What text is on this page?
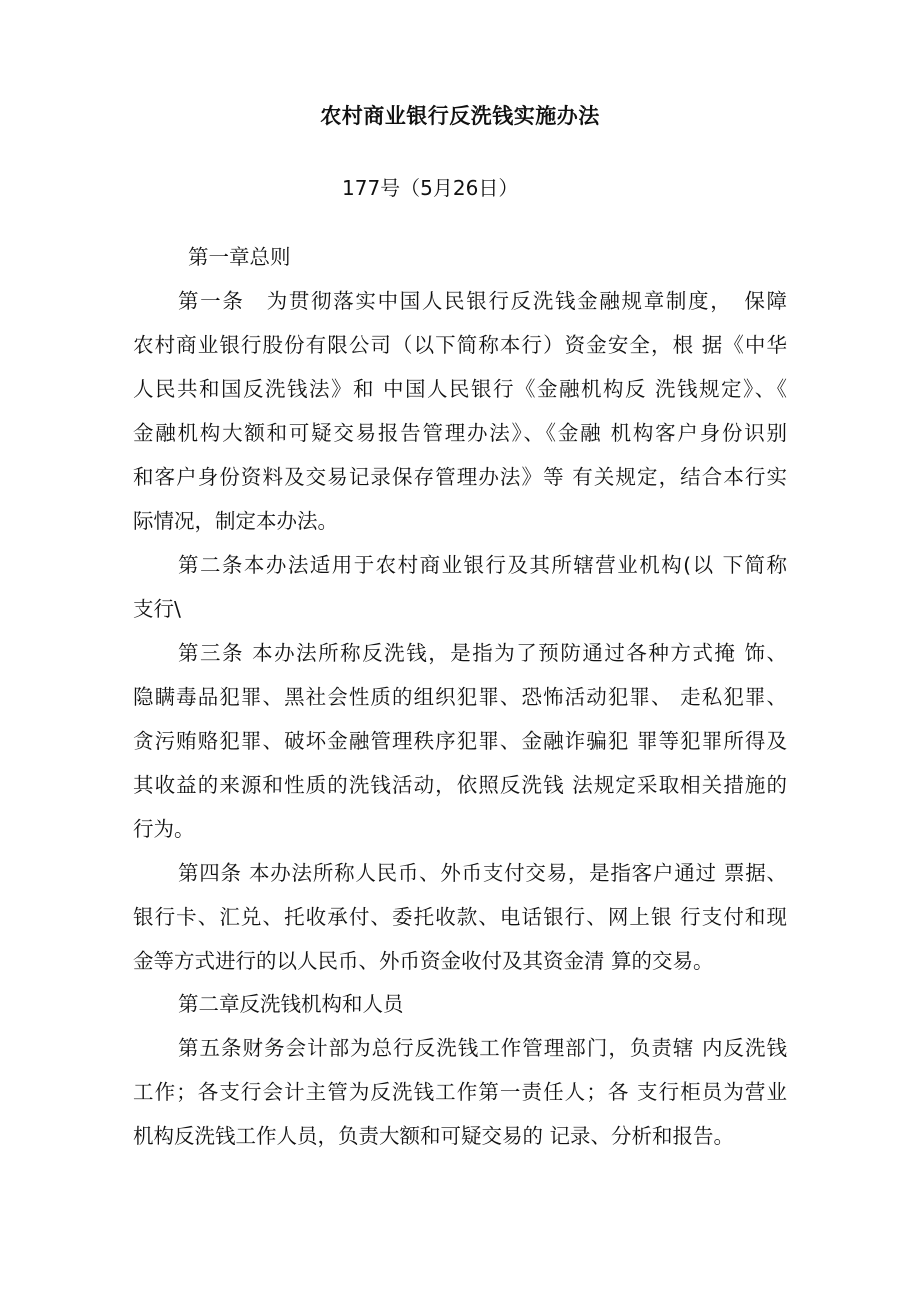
农村商业银行反洗钱实施办法
177号（5月26日）
第一章总则
第一条　为贯彻落实中国人民银行反洗钱金融规章制度，　保障
农村商业银行股份有限公司（以下简称本行）资金安全，根 据《中华
人民共和国反洗钱法》和 中国人民银行《金融机构反 洗钱规定》、《
金融机构大额和可疑交易报告管理办法》、《金融 机构客户身份识别
和客户身份资料及交易记录保存管理办法》等 有关规定，结合本行实
际情况，制定本办法。
第二条本办法适用于农村商业银行及其所辖营业机构(以 下简称
支行\
第三条 本办法所称反洗钱，是指为了预防通过各种方式掩 饰、
隐瞒毒品犯罪、黑社会性质的组织犯罪、恐怖活动犯罪、 走私犯罪、
贪污贿赂犯罪、破坏金融管理秩序犯罪、金融诈骗犯 罪等犯罪所得及
其收益的来源和性质的洗钱活动，依照反洗钱 法规定采取相关措施的
行为。
第四条 本办法所称人民币、外币支付交易，是指客户通过 票据、
银行卡、汇兑、托收承付、委托收款、电话银行、网上银 行支付和现
金等方式进行的以人民币、外币资金收付及其资金清 算的交易。
第二章反洗钱机构和人员
第五条财务会计部为总行反洗钱工作管理部门，负责辖 内反洗钱
工作；各支行会计主管为反洗钱工作第一责任人；各 支行柜员为营业
机构反洗钱工作人员，负责大额和可疑交易的 记录、分析和报告。
